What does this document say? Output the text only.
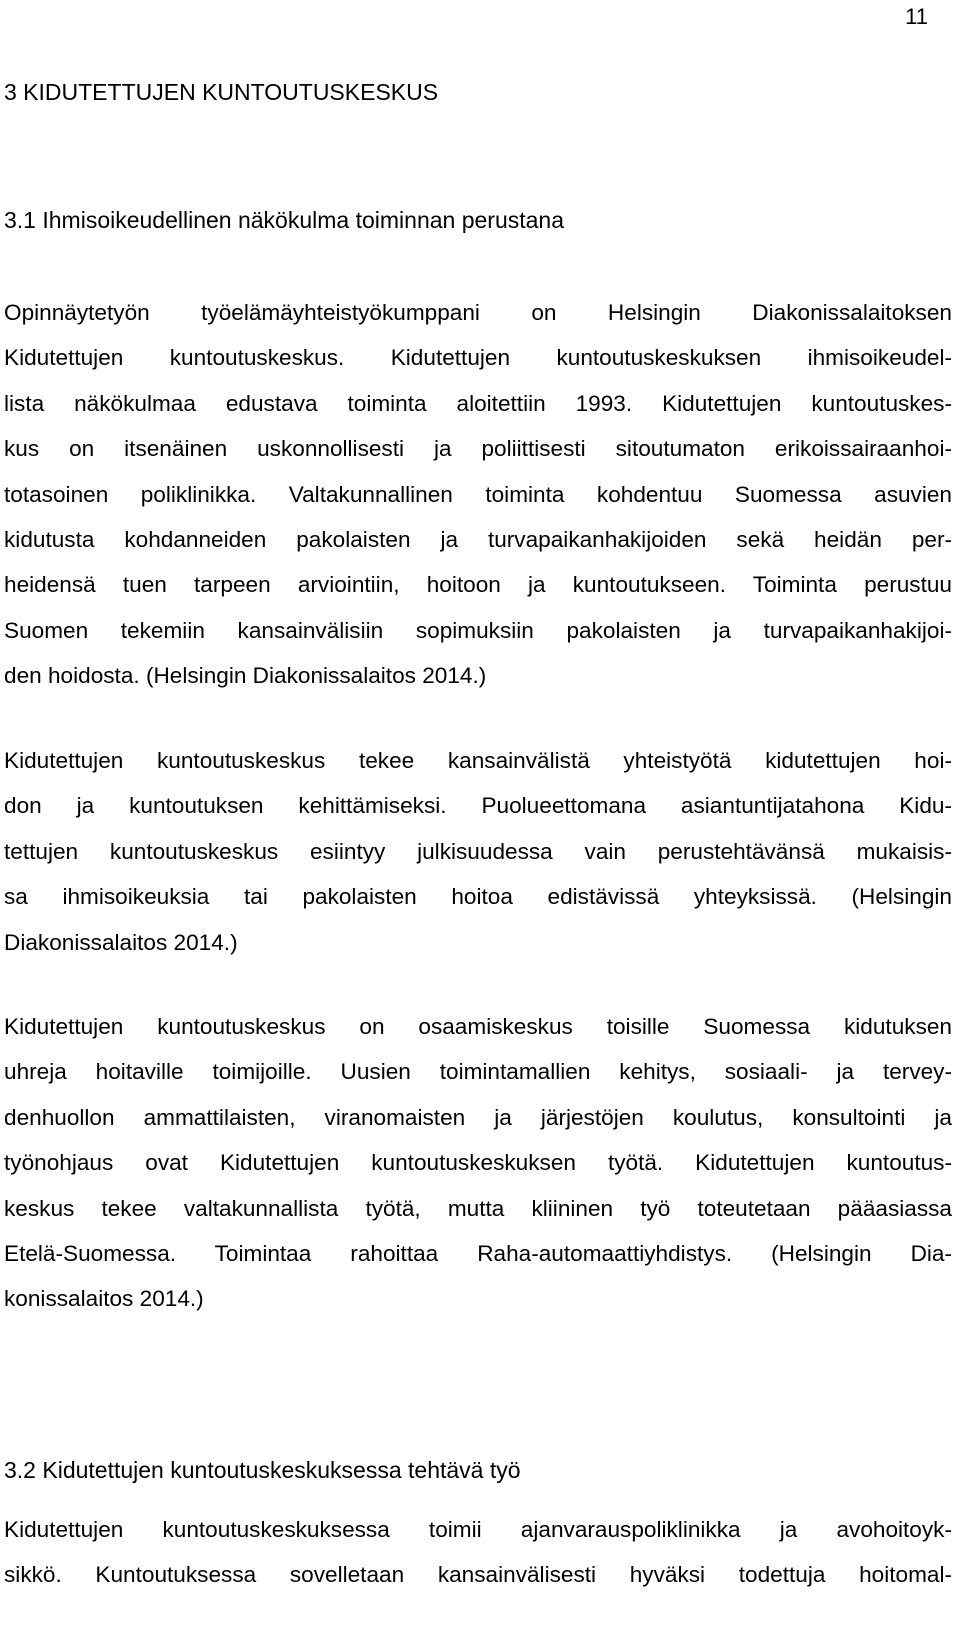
11
3 KIDUTETTUJEN KUNTOUTUSKESKUS
3.1 Ihmisoikeudellinen näkökulma toiminnan perustana
Opinnäytetyön työelämäyhteistyökumppani on Helsingin Diakonissalaitoksen
Kidutettujen kuntoutuskeskus. Kidutettujen kuntoutuskeskuksen ihmisoikeudel-
lista näkökulmaa edustava toiminta aloitettiin 1993. Kidutettujen kuntoutuskes-
kus on itsenäinen uskonnollisesti ja poliittisesti sitoutumaton erikoissairaanhoi-
totasoinen poliklinikka. Valtakunnallinen toiminta kohdentuu Suomessa asuvien
kidutusta kohdanneiden pakolaisten ja turvapaikanhakijoiden sekä heidän per-
heidensä tuen tarpeen arviointiin, hoitoon ja kuntoutukseen. Toiminta perustuu
Suomen tekemiin kansainvälisiin sopimuksiin pakolaisten ja turvapaikanhakijoi-
den hoidosta. (Helsingin Diakonissalaitos 2014.)
Kidutettujen kuntoutuskeskus tekee kansainvälistä yhteistyötä kidutettujen hoi-
don ja kuntoutuksen kehittämiseksi. Puolueettomana asiantuntijatahona Kidu-
tettujen kuntoutuskeskus esiintyy julkisuudessa vain perustehtävänsä mukaisis-
sa ihmisoikeuksia tai pakolaisten hoitoa edistävissä yhteyksissä. (Helsingin
Diakonissalaitos 2014.)
Kidutettujen kuntoutuskeskus on osaamiskeskus toisille Suomessa kidutuksen
uhreja hoitaville toimijoille. Uusien toimintamallien kehitys, sosiaali- ja tervey-
denhuollon ammattilaisten, viranomaisten ja järjestöjen koulutus, konsultointi ja
työnohjaus ovat Kidutettujen kuntoutuskeskuksen työtä. Kidutettujen kuntoutus-
keskus tekee valtakunnallista työtä, mutta kliininen työ toteutetaan pääasiassa
Etelä-Suomessa. Toimintaa rahoittaa Raha-automaattiyhdistys. (Helsingin Dia-
konissalaitos 2014.)
3.2 Kidutettujen kuntoutuskeskuksessa tehtävä työ
Kidutettujen kuntoutuskeskuksessa toimii ajanvarauspoliklinikka ja avohoitoyk-
sikkö. Kuntoutuksessa sovelletaan kansainvälisesti hyväksi todettuja hoitomal-
